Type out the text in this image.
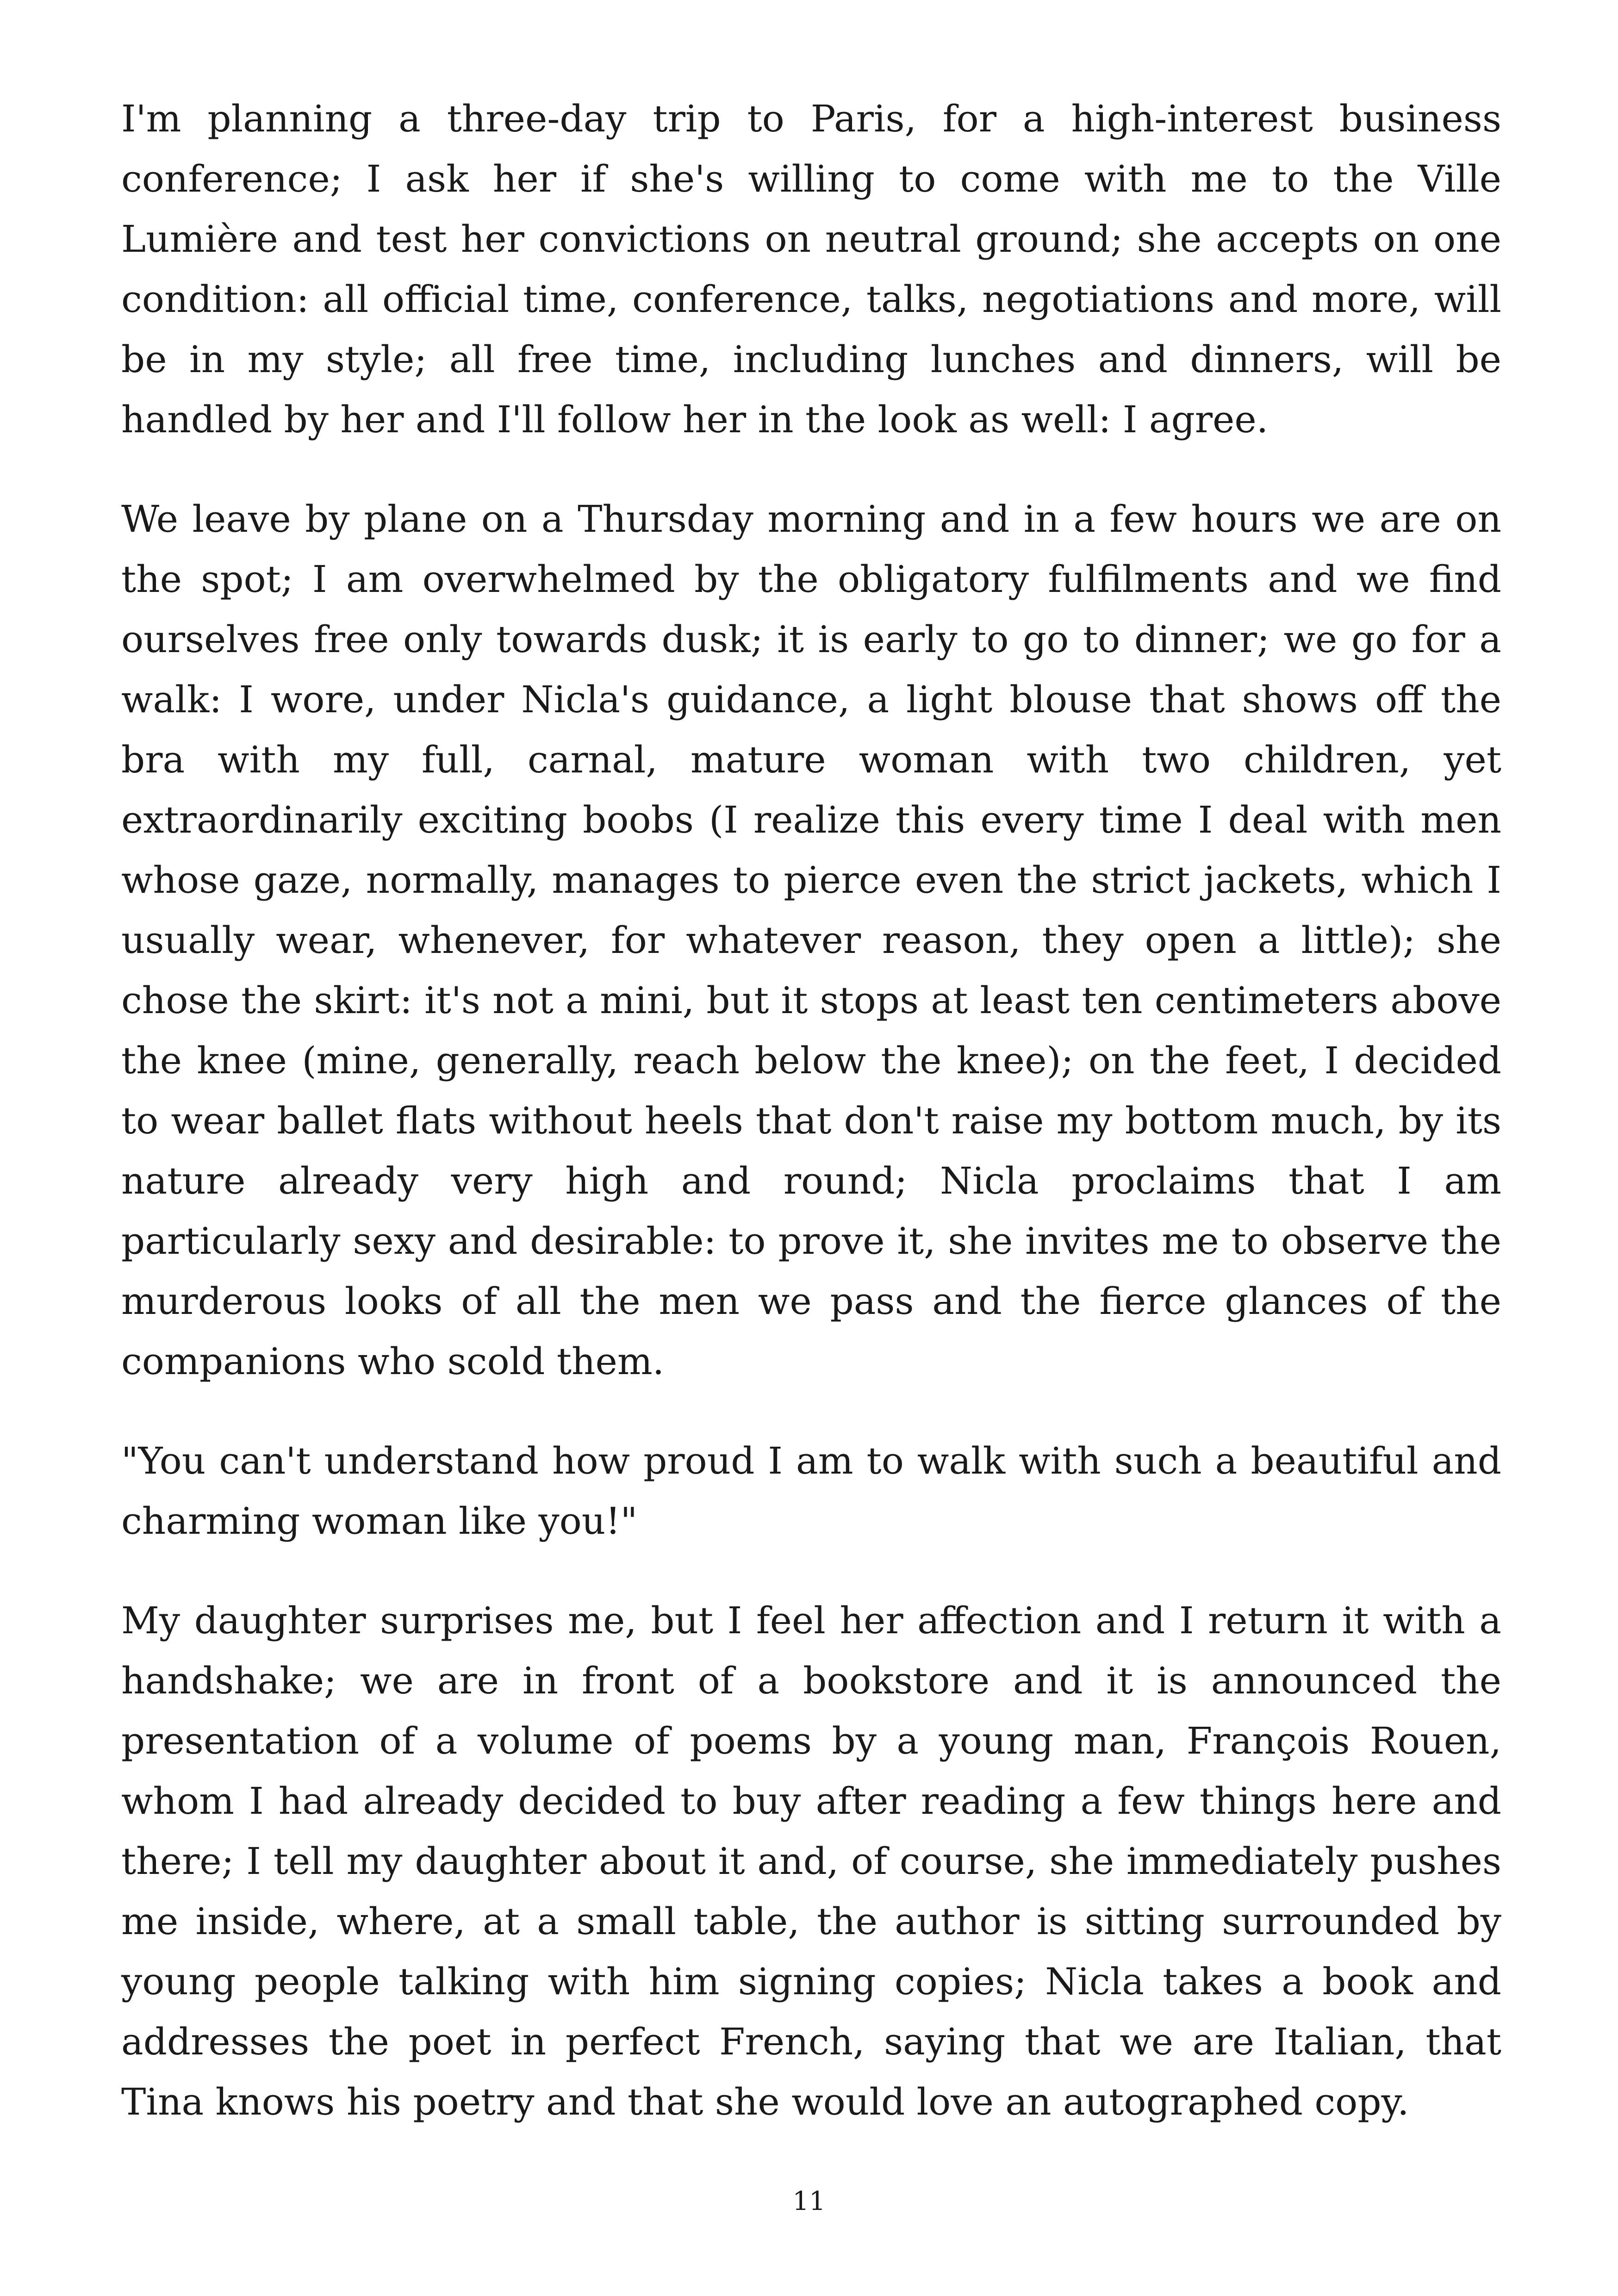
I'm planning a three-day trip to Paris, for a high-interest business conference; I ask her if she's willing to come with me to the Ville Lumière and test her convictions on neutral ground; she accepts on one condition: all official time, conference, talks, negotiations and more, will be in my style; all free time, including lunches and dinners, will be handled by her and I'll follow her in the look as well: I agree.

We leave by plane on a Thursday morning and in a few hours we are on the spot; I am overwhelmed by the obligatory fulfilments and we find ourselves free only towards dusk; it is early to go to dinner; we go for a walk: I wore, under Nicla's guidance, a light blouse that shows off the bra with my full, carnal, mature woman with two children, yet extraordinarily exciting boobs (I realize this every time I deal with men whose gaze, normally, manages to pierce even the strict jackets, which I usually wear, whenever, for whatever reason, they open a little); she chose the skirt: it's not a mini, but it stops at least ten centimeters above the knee (mine, generally, reach below the knee); on the feet, I decided to wear ballet flats without heels that don't raise my bottom much, by its nature already very high and round; Nicla proclaims that I am particularly sexy and desirable: to prove it, she invites me to observe the murderous looks of all the men we pass and the fierce glances of the companions who scold them.

"You can't understand how proud I am to walk with such a beautiful and charming woman like you!"

My daughter surprises me, but I feel her affection and I return it with a handshake; we are in front of a bookstore and it is announced the presentation of a volume of poems by a young man, François Rouen, whom I had already decided to buy after reading a few things here and there; I tell my daughter about it and, of course, she immediately pushes me inside, where, at a small table, the author is sitting surrounded by young people talking with him signing copies; Nicla takes a book and addresses the poet in perfect French, saying that we are Italian, that Tina knows his poetry and that she would love an autographed copy.

11
